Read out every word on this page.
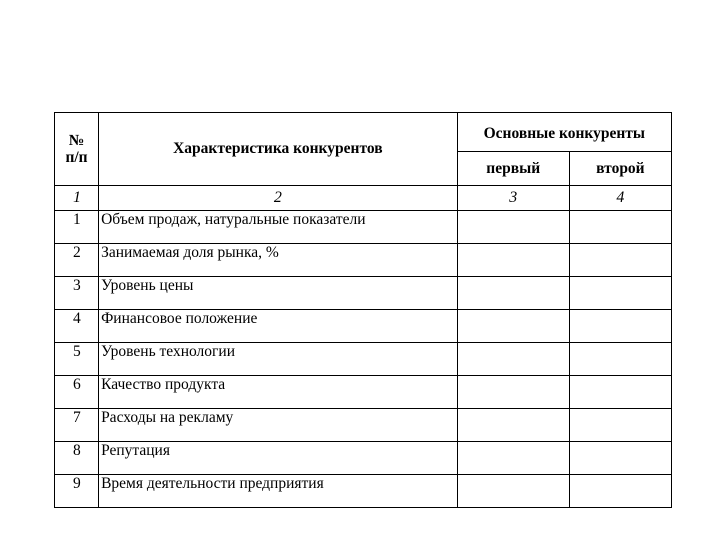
№
п/п	Характеристика конкурентов	Основные конкуренты	
		первый	второй
1	2	3	4
1	Объем продаж, натуральные показатели		
2	Занимаемая доля рынка, %		
3	Уровень цены		
4	Финансовое положение		
5	Уровень технологии		
6	Качество продукта		
7	Расходы на рекламу		
8	Репутация		
9	Время деятельности предприятия		
